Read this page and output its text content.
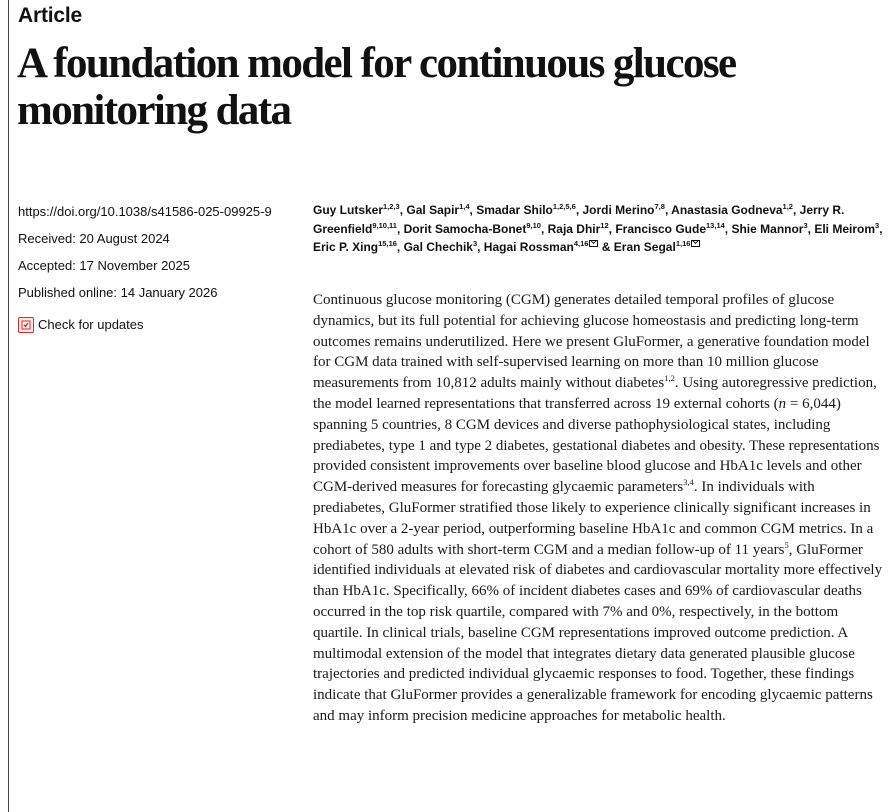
Article
A foundation model for continuous glucose monitoring data
https://doi.org/10.1038/s41586-025-09925-9
Received: 20 August 2024
Accepted: 17 November 2025
Published online: 14 January 2026
Check for updates
Guy Lutsker$^{1,2,3}$, Gal Sapir$^{1,4}$, Smadar Shilo$^{1,2,5,6}$, Jordi Merino$^{7,8}$, Anastasia Godneva$^{1,2}$, Jerry R. Greenfield$^{9,10,11}$, Dorit Samocha-Bonet$^{9,10}$, Raja Dhir$^{12}$, Francisco Gude$^{13,14}$, Shie Mannor$^3$, Eli Meirom$^3$, Eric P. Xing$^{15,16}$, Gal Chechik$^3$, Hagai Rossman$^{4,16}$ & Eran Segal$^{1,16}$

Continuous glucose monitoring (CGM) generates detailed temporal profiles of glucose dynamics, but its full potential for achieving glucose homeostasis and predicting long-term outcomes remains underutilized. Here we present GluFormer, a generative foundation model for CGM data trained with self-supervised learning on more than 10 million glucose measurements from 10,812 adults mainly without diabetes$^{1,2}$. Using autoregressive prediction, the model learned representations that transferred across 19 external cohorts (n = 6,044) spanning 5 countries, 8 CGM devices and diverse pathophysiological states, including prediabetes, type 1 and type 2 diabetes, gestational diabetes and obesity. These representations provided consistent improvements over baseline blood glucose and HbA1c levels and other CGM-derived measures for forecasting glycaemic parameters$^{3,4}$. In individuals with prediabetes, GluFormer stratified those likely to experience clinically significant increases in HbA1c over a 2-year period, outperforming baseline HbA1c and common CGM metrics. In a cohort of 580 adults with short-term CGM and a median follow-up of 11 years$^5$, GluFormer identified individuals at elevated risk of diabetes and cardiovascular mortality more effectively than HbA1c. Specifically, 66% of incident diabetes cases and 69% of cardiovascular deaths occurred in the top risk quartile, compared with 7% and 0%, respectively, in the bottom quartile. In clinical trials, baseline CGM representations improved outcome prediction. A multimodal extension of the model that integrates dietary data generated plausible glucose trajectories and predicted individual glycaemic responses to food. Together, these findings indicate that GluFormer provides a generalizable framework for encoding glycaemic patterns and may inform precision medicine approaches for metabolic health.
